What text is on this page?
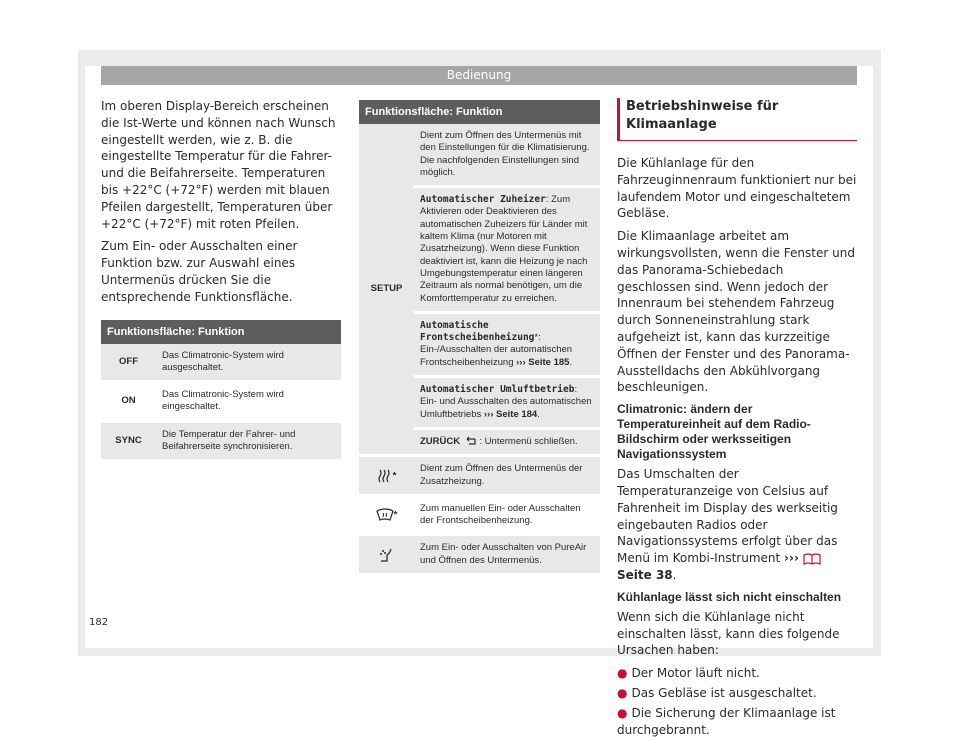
Bedienung

Im oberen Display-Bereich erscheinen die Ist-Werte und können nach Wunsch eingestellt werden, wie z. B. die eingestellte Temperatur für die Fahrer- und die Beifahrerseite. Temperaturen bis +22°C (+72°F) werden mit blauen Pfeilen dargestellt, Temperaturen über +22°C (+72°F) mit roten Pfeilen.

Zum Ein- oder Ausschalten einer Funktion bzw. zur Auswahl eines Untermenüs drücken Sie die entsprechende Funktionsfläche.

Funktionsfläche: Funktion	
OFF	Das Climatronic-System wird ausgeschaltet.
ON	Das Climatronic-System wird eingeschaltet.
SYNC	Die Temperatur der Fahrer- und Beifahrerseite synchronisieren.
Funktionsfläche: Funktion	
SETUP	Dient zum Öffnen des Untermenüs mit den Einstellungen für die Klimatisierung. Die nachfolgenden Einstellungen sind möglich.
	Automatischer Zuheizer: Zum Aktivieren oder Deaktivieren des automatischen Zuheizers für Länder mit kaltem Klima (nur Motoren mit Zusatzheizung). Wenn diese Funktion deaktiviert ist, kann die Heizung je nach Umgebungstemperatur einen längeren Zeitraum als normal benötigen, um die Komforttemperatur zu erreichen.
	Automatische Frontscheibenheizung*: Ein-/Ausschalten der automatischen Frontscheibenheizung ››› Seite 185.
	Automatischer Umluftbetrieb: Ein- und Ausschalten des automatischen Umluftbetriebs ››› Seite 184.
	ZURÜCK : Untermenü schließen.
*	Dient zum Öffnen des Untermenüs der Zusatzheizung.
*	Zum manuellen Ein- oder Ausschalten der Frontscheibenheizung.
	Zum Ein- oder Ausschalten von PureAir und Öffnen des Untermenüs.
Betriebshinweise für Klimaanlage

Die Kühlanlage für den Fahrzeuginnenraum funktioniert nur bei laufendem Motor und eingeschaltetem Gebläse.

Die Klimaanlage arbeitet am wirkungsvollsten, wenn die Fenster und das Panorama-Schiebedach geschlossen sind. Wenn jedoch der Innenraum bei stehendem Fahrzeug durch Sonneneinstrahlung stark aufgeheizt ist, kann das kurzzeitige Öffnen der Fenster und des Panorama-Ausstelldachs den Abkühlvorgang beschleunigen.

Climatronic: ändern der Temperatureinheit auf dem Radio-Bildschirm oder werksseitigen Navigationssystem

Das Umschalten der Temperaturanzeige von Celsius auf Fahrenheit im Display des werkseitig eingebauten Radios oder Navigationssystems erfolgt über das Menü im Kombi-Instrument ›››  Seite 38.

Kühlanlage lässt sich nicht einschalten

Wenn sich die Kühlanlage nicht einschalten lässt, kann dies folgende Ursachen haben:

● Der Motor läuft nicht.
● Das Gebläse ist ausgeschaltet.
● Die Sicherung der Klimaanlage ist durchgebrannt.
182
